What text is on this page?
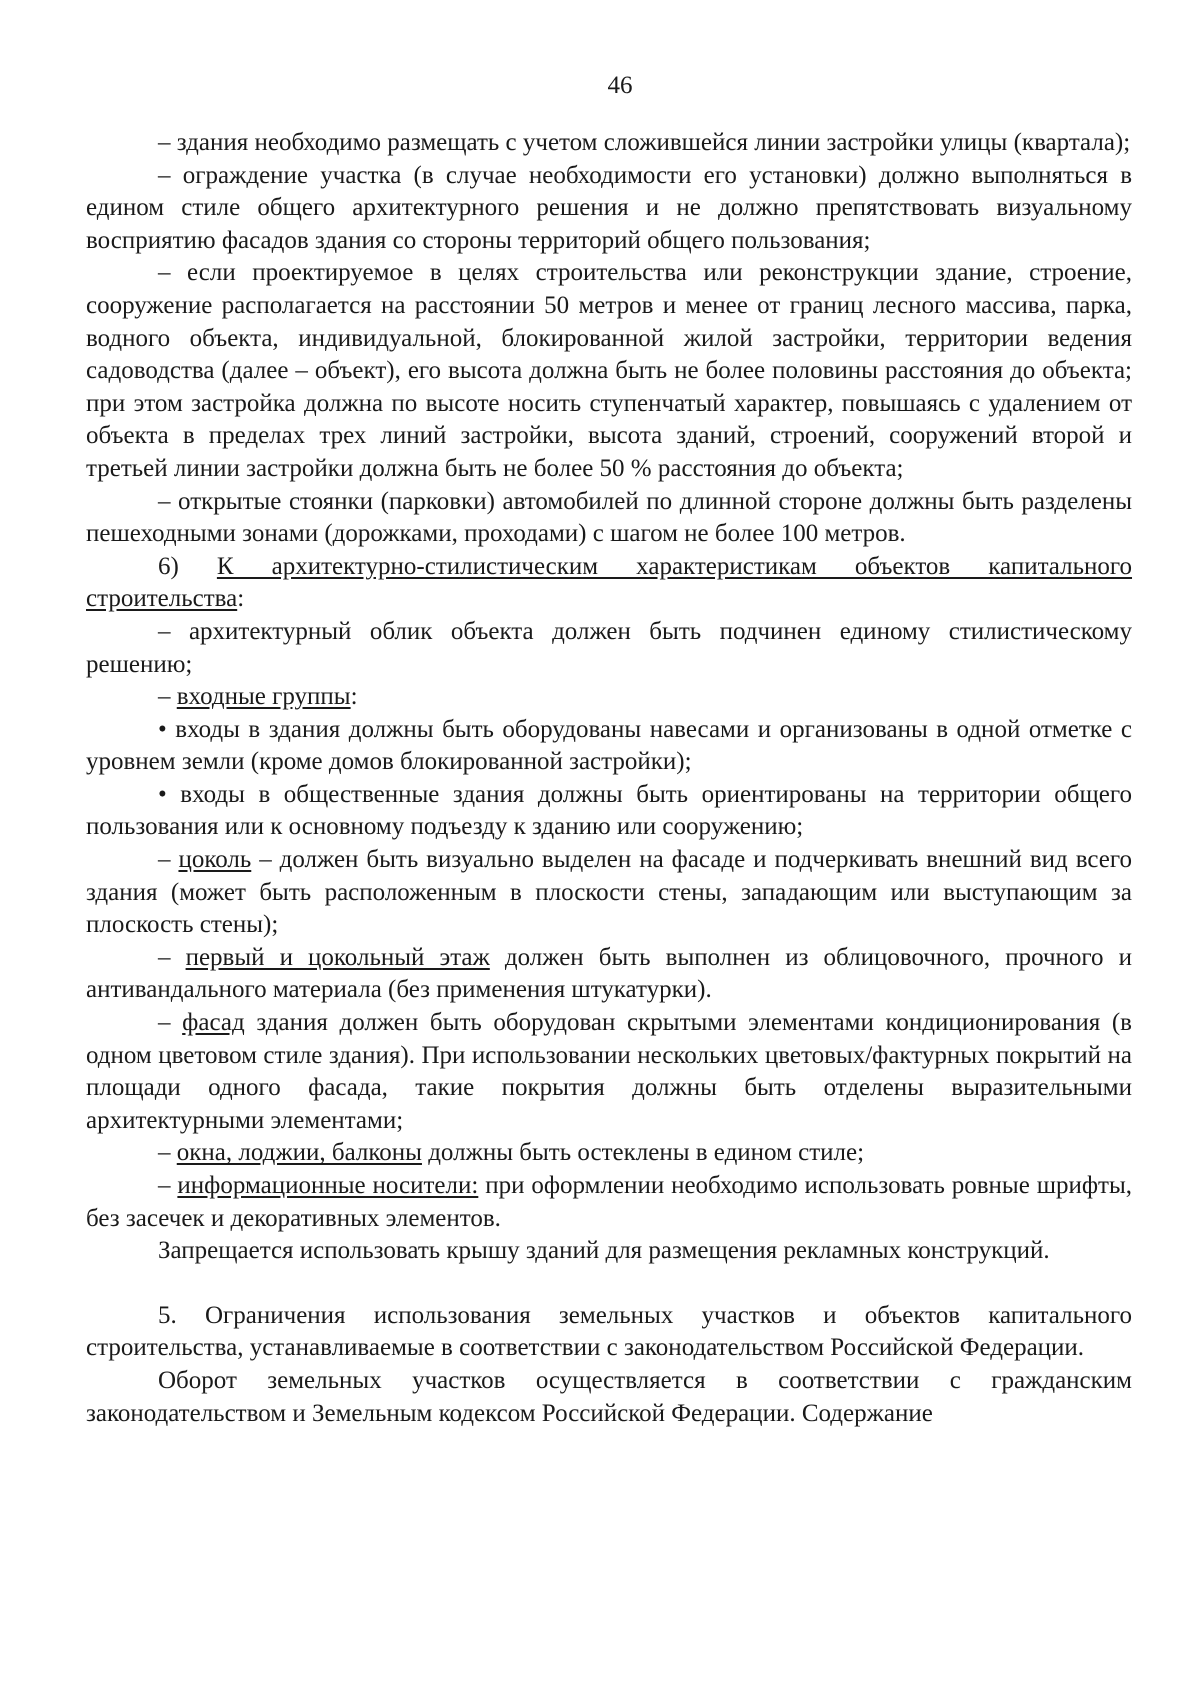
46

– здания необходимо размещать с учетом сложившейся линии застройки улицы (квартала);

– ограждение участка (в случае необходимости его установки) должно выполняться в едином стиле общего архитектурного решения и не должно препятствовать визуальному восприятию фасадов здания со стороны территорий общего пользования;

– если проектируемое в целях строительства или реконструкции здание, строение, сооружение располагается на расстоянии 50 метров и менее от границ лесного массива, парка, водного объекта, индивидуальной, блокированной жилой застройки, территории ведения садоводства (далее – объект), его высота должна быть не более половины расстояния до объекта; при этом застройка должна по высоте носить ступенчатый характер, повышаясь с удалением от объекта в пределах трех линий застройки, высота зданий, строений, сооружений второй и третьей линии застройки должна быть не более 50 % расстояния до объекта;

– открытые стоянки (парковки) автомобилей по длинной стороне должны быть разделены пешеходными зонами (дорожками, проходами) с шагом не более 100 метров.

6) К архитектурно-стилистическим характеристикам объектов капитального строительства:

– архитектурный облик объекта должен быть подчинен единому стилистическому решению;

– входные группы:

• входы в здания должны быть оборудованы навесами и организованы в одной отметке с уровнем земли (кроме домов блокированной застройки);

• входы в общественные здания должны быть ориентированы на территории общего пользования или к основному подъезду к зданию или сооружению;

– цоколь – должен быть визуально выделен на фасаде и подчеркивать внешний вид всего здания (может быть расположенным в плоскости стены, западающим или выступающим за плоскость стены);

– первый и цокольный этаж должен быть выполнен из облицовочного, прочного и антивандального материала (без применения штукатурки).

– фасад здания должен быть оборудован скрытыми элементами кондиционирования (в одном цветовом стиле здания). При использовании нескольких цветовых/фактурных покрытий на площади одного фасада, такие покрытия должны быть отделены выразительными архитектурными элементами;

– окна, лоджии, балконы должны быть остеклены в едином стиле;

– информационные носители: при оформлении необходимо использовать ровные шрифты, без засечек и декоративных элементов.

Запрещается использовать крышу зданий для размещения рекламных конструкций.

5. Ограничения использования земельных участков и объектов капитального строительства, устанавливаемые в соответствии с законодательством Российской Федерации.

Оборот земельных участков осуществляется в соответствии с гражданским законодательством и Земельным кодексом Российской Федерации. Содержание
